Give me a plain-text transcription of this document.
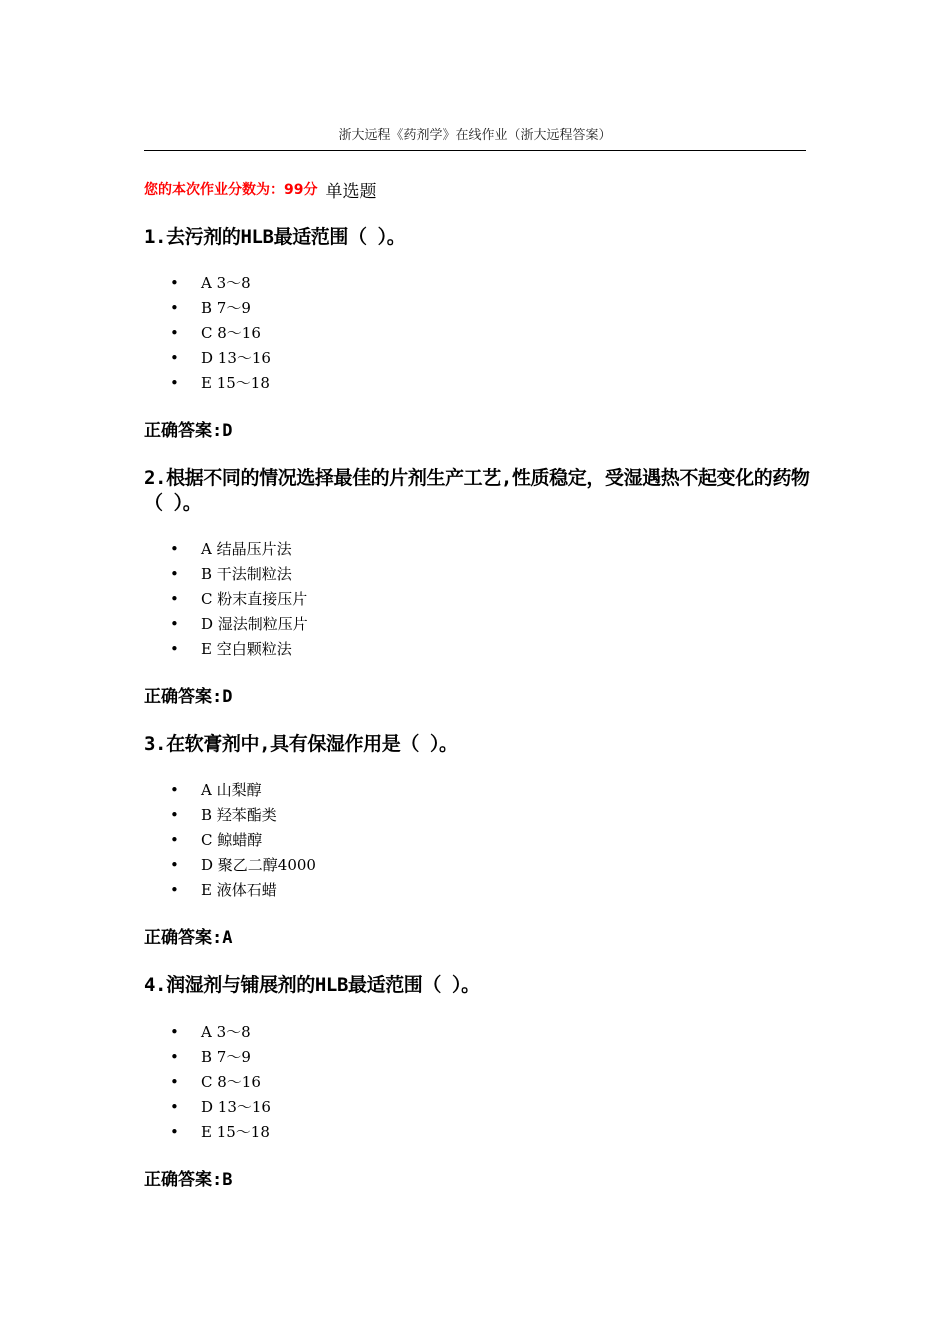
浙大远程《药剂学》在线作业（浙大远程答案）
您的本次作业分数为：99分 单选题
1.去污剂的HLB最适范围（ ）。
• A 3～8
• B 7～9
• C 8～16
• D 13～16
• E 15～18
正确答案:D
2.根据不同的情况选择最佳的片剂生产工艺,性质稳定，受湿遇热不起变化的药物（ ）。
• A 结晶压片法
• B 干法制粒法
• C 粉末直接压片
• D 湿法制粒压片
• E 空白颗粒法
正确答案:D
3.在软膏剂中,具有保湿作用是（ ）。
• A 山梨醇
• B 羟苯酯类
• C 鲸蜡醇
• D 聚乙二醇4000
• E 液体石蜡
正确答案:A
4.润湿剂与铺展剂的HLB最适范围（ ）。
• A 3～8
• B 7～9
• C 8～16
• D 13～16
• E 15～18
正确答案:B
